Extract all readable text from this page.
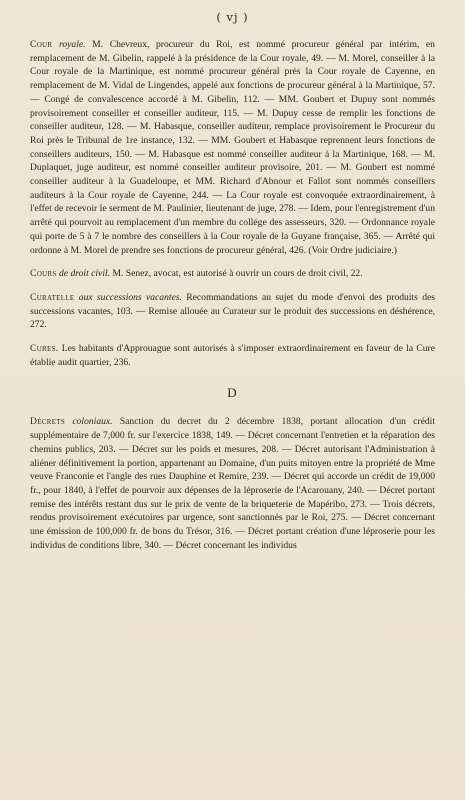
( vj )

Cour royale. M. Chevreux, procureur du Roi, est nommé procureur général par intérim, en remplacement de M. Gibelin, rappelé à la présidence de la Cour royale, 49. — M. Morel, conseiller à la Cour royale de la Martinique, est nommé procureur général près la Cour royale de Cayenne, en remplacement de M. Vidal de Lingendes, appelé aux fonctions de procureur général à la Martinique, 57. — Congé de convalescence accordé à M. Gibelin, 112. — MM. Goubert et Dupuy sont nommés provisoirement conseiller et conseiller auditeur, 115. — M. Dupuy cesse de remplir les fonctions de conseiller auditeur, 128. — M. Habasque, conseiller auditeur, remplace provisoirement le Procureur du Roi près le Tribunal de 1re instance, 132. — MM. Goubert et Habasque reprennent leurs fonctions de conseillers auditeurs, 150. — M. Habasque est nommé conseiller auditeur à la Martinique, 168. — M. Duplaquet, juge auditeur, est nommé conseiller auditeur provisoire, 201. — M. Goubert est nommé conseiller auditeur à la Guadeloupe, et MM. Richard d'Abnour et Fallot sont nommés conseillers auditeurs à la Cour royale de Cayenne, 244. — La Cour royale est convoquée extraordinairement, à l'effet de recevoir le serment de M. Paulinier, lieutenant de juge, 278. — Idem, pour l'enregistrement d'un arrêté qui pourvoit au remplacement d'un membre du collége des assesseurs, 320. — Ordonnance royale qui porte de 5 à 7 le nombre des conseillers à la Cour royale de la Guyane française, 365. — Arrêté qui ordonne à M. Morel de prendre ses fonctions de procureur général, 426. (Voir Ordre judiciaire.)

Cours de droit civil. M. Senez, avocat, est autorisé à ouvrir un cours de droit civil, 22.

Curatelle aux successions vacantes. Recommandations au sujet du mode d'envoi des produits des successions vacantes, 103. — Remise allouée au Curateur sur le produit des successions en déshérence, 272.

Cures. Les habitants d'Approuague sont autorisés à s'imposer extraordinairement en faveur de la Cure établie audit quartier, 236.

D

Décrets coloniaux. Sanction du decret du 2 décembre 1838, portant allocation d'un crédit supplémentaire de 7,000 fr. sur l'exercice 1838, 149. — Décret concernant l'entretien et la réparation des chemins publics, 203. — Décret sur les poids et mesures, 208. — Décret autorisant l'Administration à aliéner définitivement la portion, appartenant au Domaine, d'un puits mitoyen entre la propriété de Mme veuve Franconie et l'angle des rues Dauphine et Remire, 239. — Décret qui accorde un crédit de 19,000 fr., pour 1840, à l'effet de pourvoir aux dépenses de la léproserie de l'Acarouany, 240. — Décret portant remise des intérêts restant dus sur le prix de vente de la briqueterie de Mapéribo, 273. — Trois décrets, rendus provisoirement exécutoires par urgence, sont sanctionnés par le Roi, 275. — Décret concernant une émission de 100,000 fr. de bons du Trésor, 316. — Décret portant création d'une léproserie pour les individus de conditions libre, 340. — Décret concernant les individus
